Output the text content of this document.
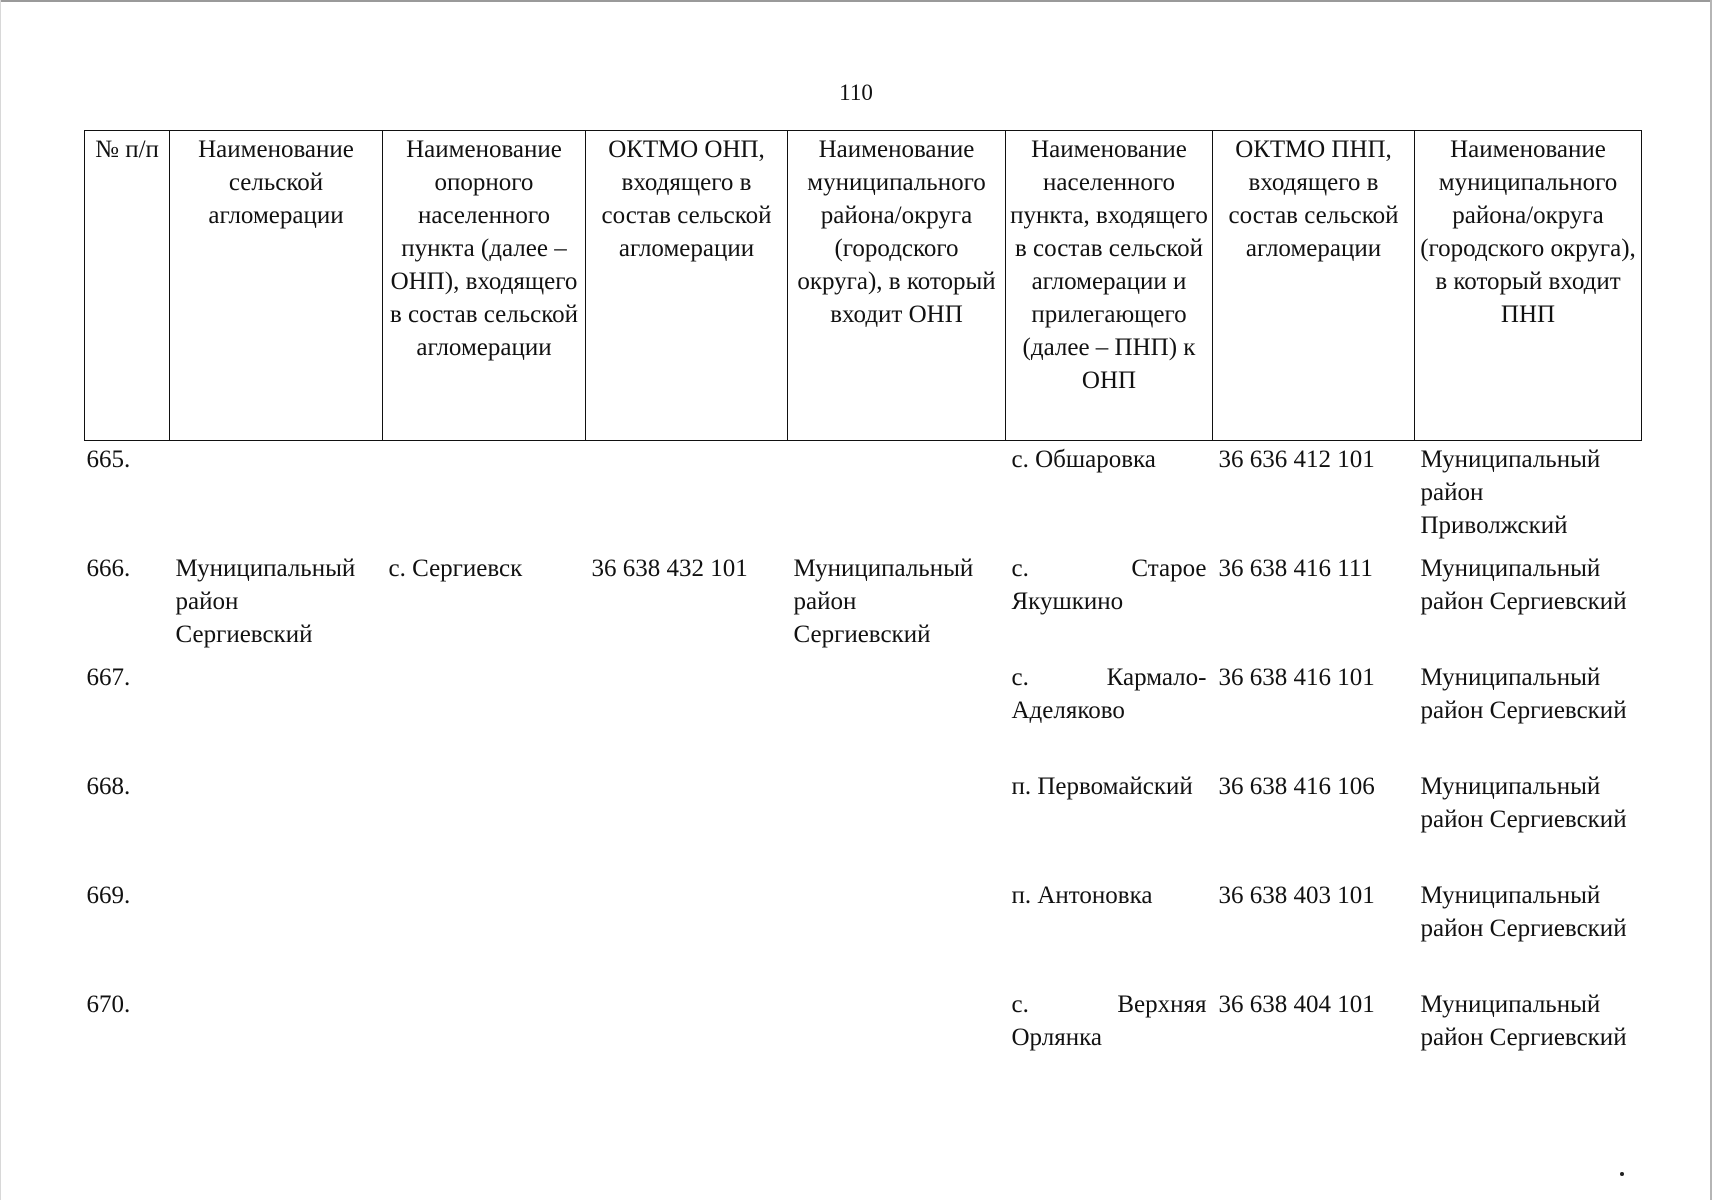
110
№ п/п	Наименование сельской агломерации	Наименование опорного населенного пункта (далее – ОНП), входящего в состав сельской агломерации	ОКТМО ОНП, входящего в состав сельской агломерации	Наименование муниципального района/округа (городского округа), в который входит ОНП	Наименование населенного пункта, входящего в состав сельской агломерации и прилегающего (далее – ПНП) к ОНП	ОКТМО ПНП, входящего в состав сельской агломерации	Наименование муниципального района/округа (городского округа), в который входит ПНП
665.					с. Обшаровка	36 636 412 101	Муниципальный район Приволжский
666.	Муниципальный район Сергиевский	с. Сергиевск	36 638 432 101	Муниципальный район Сергиевский	с. Старое Якушкино	36 638 416 111	Муниципальный район Сергиевский
667.					с. Кармало-Аделяково	36 638 416 101	Муниципальный район Сергиевский
668.					п. Первомайский	36 638 416 106	Муниципальный район Сергиевский
669.					п. Антоновка	36 638 403 101	Муниципальный район Сергиевский
670.					с. Верхняя Орлянка	36 638 404 101	Муниципальный район Сергиевский
